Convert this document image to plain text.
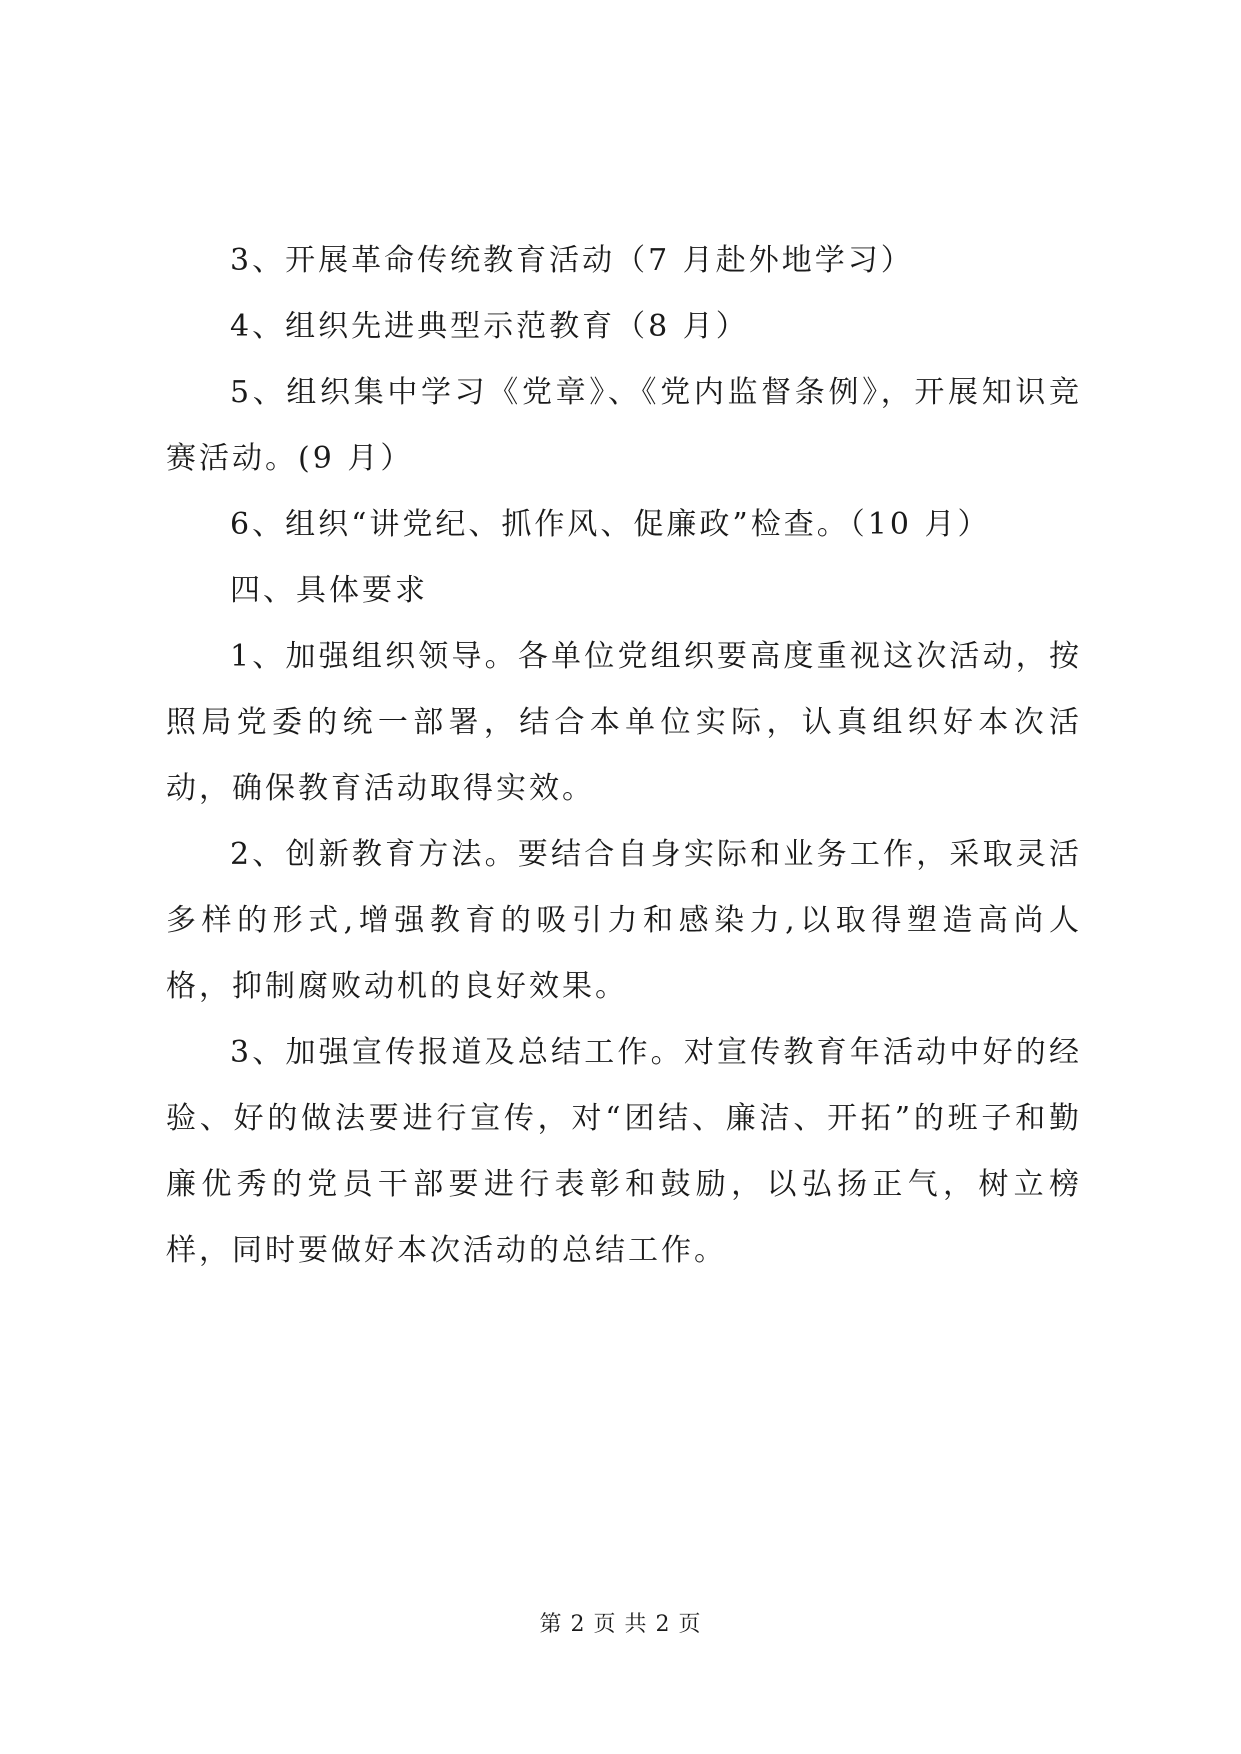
3、开展革命传统教育活动（7 月赴外地学习）

4、组织先进典型示范教育（8 月）

5、组织集中学习《党章》、《党内监督条例》，开展知识竞赛活动。(9 月）

6、组织“讲党纪、抓作风、促廉政”检查。（10 月）

四、具体要求

1、加强组织领导。各单位党组织要高度重视这次活动，按照局党委的统一部署，结合本单位实际，认真组织好本次活动，确保教育活动取得实效。

2、创新教育方法。要结合自身实际和业务工作，采取灵活多样的形式,增强教育的吸引力和感染力,以取得塑造高尚人格，抑制腐败动机的良好效果。

3、加强宣传报道及总结工作。对宣传教育年活动中好的经验、好的做法要进行宣传，对“团结、廉洁、开拓”的班子和勤廉优秀的党员干部要进行表彰和鼓励，以弘扬正气，树立榜样，同时要做好本次活动的总结工作。

第 2 页 共 2 页
